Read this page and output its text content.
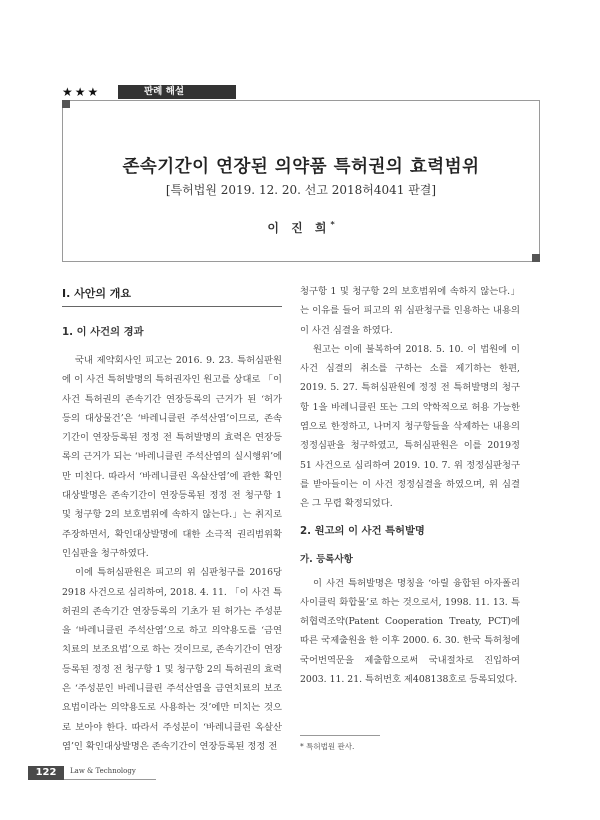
★★★	판례 해설
존속기간이 연장된 의약품 특허권의 효력범위
[특허법원 2019. 12. 20. 선고 2018허4041 판결]
이 진 희*
I. 사안의 개요
1. 이 사건의 경과

국내 제약회사인 피고는 2016. 9. 23. 특허심판원에 이 사건 특허발명의 특허권자인 원고를 상대로 「이 사건 특허권의 존속기간 연장등록의 근거가 된 ‘허가 등의 대상물건’은 ‘바레니클린 주석산염’이므로, 존속기간이 연장등록된 정정 전 특허발명의 효력은 연장등록의 근거가 되는 ‘바레니클린 주석산염의 실시행위’에만 미친다. 따라서 ‘바레니클린 옥살산염’에 관한 확인대상발명은 존속기간이 연장등록된 정정 전 청구항 1 및 청구항 2의 보호범위에 속하지 않는다.」는 취지로 주장하면서, 확인대상발명에 대한 소극적 권리범위확인심판을 청구하였다.

이에 특허심판원은 피고의 위 심판청구를 2016당2918 사건으로 심리하여, 2018. 4. 11. 「이 사건 특허권의 존속기간 연장등록의 기초가 된 허가는 주성분을 ‘바레니클린 주석산염’으로 하고 의약용도를 ‘금연치료의 보조요법’으로 하는 것이므로, 존속기간이 연장등록된 정정 전 청구항 1 및 청구항 2의 특허권의 효력은 ‘주성분인 바레니클린 주석산염을 금연치료의 보조요법이라는 의약용도로 사용하는 것’에만 미치는 것으로 보아야 한다. 따라서 주성분이 ‘바레니클린 옥살산염’인 확인대상발명은 존속기간이 연장등록된 정정 전

청구항 1 및 청구항 2의 보호범위에 속하지 않는다.」는 이유를 들어 피고의 위 심판청구를 인용하는 내용의 이 사건 심결을 하였다.

원고는 이에 불복하여 2018. 5. 10. 이 법원에 이 사건 심결의 취소를 구하는 소를 제기하는 한편, 2019. 5. 27. 특허심판원에 정정 전 특허발명의 청구항 1을 바레니클린 또는 그의 약학적으로 허용 가능한 염으로 한정하고, 나머지 청구항들을 삭제하는 내용의 정정심판을 청구하였고, 특허심판원은 이를 2019정51 사건으로 심리하여 2019. 10. 7. 위 정정심판청구를 받아들이는 이 사건 정정심결을 하였으며, 위 심결은 그 무렵 확정되었다.

2. 원고의 이 사건 특허발명
가. 등록사항

이 사건 특허발명은 명칭을 ‘아릴 융합된 아자폴리사이클릭 화합물’로 하는 것으로서, 1998. 11. 13. 특허협력조약(Patent Cooperation Treaty, PCT)에 따른 국제출원을 한 이후 2000. 6. 30. 한국 특허청에 국어번역문을 제출함으로써 국내절차로 진입하여 2003. 11. 21. 특허번호 제408138호로 등록되었다.

* 특허법원 판사.
122	Law & Technology
